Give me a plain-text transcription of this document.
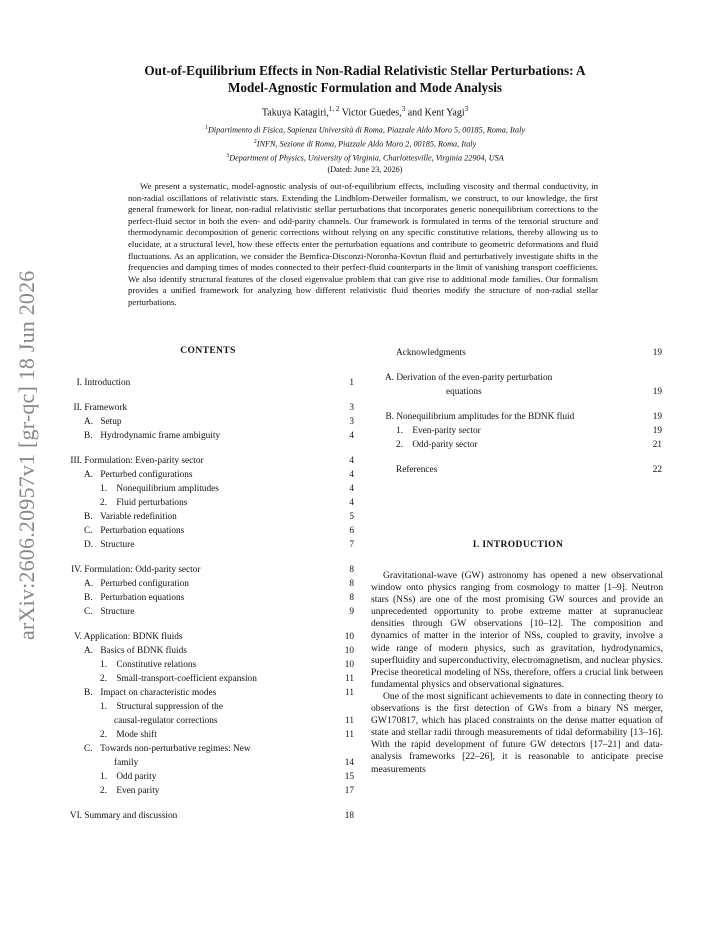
arXiv:2606.20957v1 [gr-qc] 18 Jun 2026
Out-of-Equilibrium Effects in Non-Radial Relativistic Stellar Perturbations: A
Model-Agnostic Formulation and Mode Analysis
Takuya Katagiri,$^{1, 2}$ Victor Guedes,$^3$ and Kent Yagi$^3$
$^1$Dipartimento di Fisica, Sapienza Università di Roma, Piazzale Aldo Moro 5, 00185, Roma, Italy
$^2$INFN, Sezione di Roma, Piazzale Aldo Moro 2, 00185, Roma, Italy
$^3$Department of Physics, University of Virginia, Charlottesville, Virginia 22904, USA
(Dated: June 23, 2026)
We present a systematic, model-agnostic analysis of out-of-equilibrium effects, including viscosity and thermal conductivity, in non-radial oscillations of relativistic stars. Extending the Lindblom-Detweiler formalism, we construct, to our knowledge, the first general framework for linear, non-radial relativistic stellar perturbations that incorporates generic nonequilibrium corrections to the perfect-fluid sector in both the even- and odd-parity channels. Our framework is formulated in terms of the tensorial structure and thermodynamic decomposition of generic corrections without relying on any specific constitutive relations, thereby allowing us to elucidate, at a structural level, how these effects enter the perturbation equations and contribute to geometric deformations and fluid fluctuations. As an application, we consider the Bemfica-Disconzi-Noronha-Kovtun fluid and perturbatively investigate shifts in the frequencies and damping times of modes connected to their perfect-fluid counterparts in the limit of vanishing transport coefficients. We also identify structural features of the closed eigenvalue problem that can give rise to additional mode families. Our formalism provides a unified framework for analyzing how different relativistic fluid theories modify the structure of non-radial stellar perturbations.
CONTENTS
I. Introduction	1
II. Framework	3
A. Setup	3
B. Hydrodynamic frame ambiguity	4
III. Formulation: Even-parity sector	4
A. Perturbed configurations	4
1. Nonequilibrium amplitudes	4
2. Fluid perturbations	4
B. Variable redefinition	5
C. Perturbation equations	6
D. Structure	7
IV. Formulation: Odd-parity sector	8
A. Perturbed configuration	8
B. Perturbation equations	8
C. Structure	9
V. Application: BDNK fluids	10
A. Basics of BDNK fluids	10
1. Constitutive relations	10
2. Small-transport-coefficient expansion	11
B. Impact on characteristic modes	11
1. Structural suppression of the
causal-regulator corrections	11
2. Mode shift	11
C. Towards non-perturbative regimes: New
family	14
1. Odd parity	15
2. Even parity	17
VI. Summary and discussion	18
Acknowledgments	19
A. Derivation of the even-parity perturbation
equations	19
B. Nonequilibrium amplitudes for the BDNK fluid	19
1. Even-parity sector	19
2. Odd-parity sector	21
References	22
I. INTRODUCTION

Gravitational-wave (GW) astronomy has opened a new observational window onto physics ranging from cosmology to matter [1–9]. Neutron stars (NSs) are one of the most promising GW sources and provide an unprecedented opportunity to probe extreme matter at supranuclear densities through GW observations [10–12]. The composition and dynamics of matter in the interior of NSs, coupled to gravity, involve a wide range of modern physics, such as gravitation, hydrodynamics, superfluidity and superconductivity, electromagnetism, and nuclear physics. Precise theoretical modeling of NSs, therefore, offers a crucial link between fundamental physics and observational signatures.

One of the most significant achievements to date in connecting theory to observations is the first detection of GWs from a binary NS merger, GW170817, which has placed constraints on the dense matter equation of state and stellar radii through measurements of tidal deformability [13–16]. With the rapid development of future GW detectors [17–21] and data-analysis frameworks [22–26], it is reasonable to anticipate precise measurements
